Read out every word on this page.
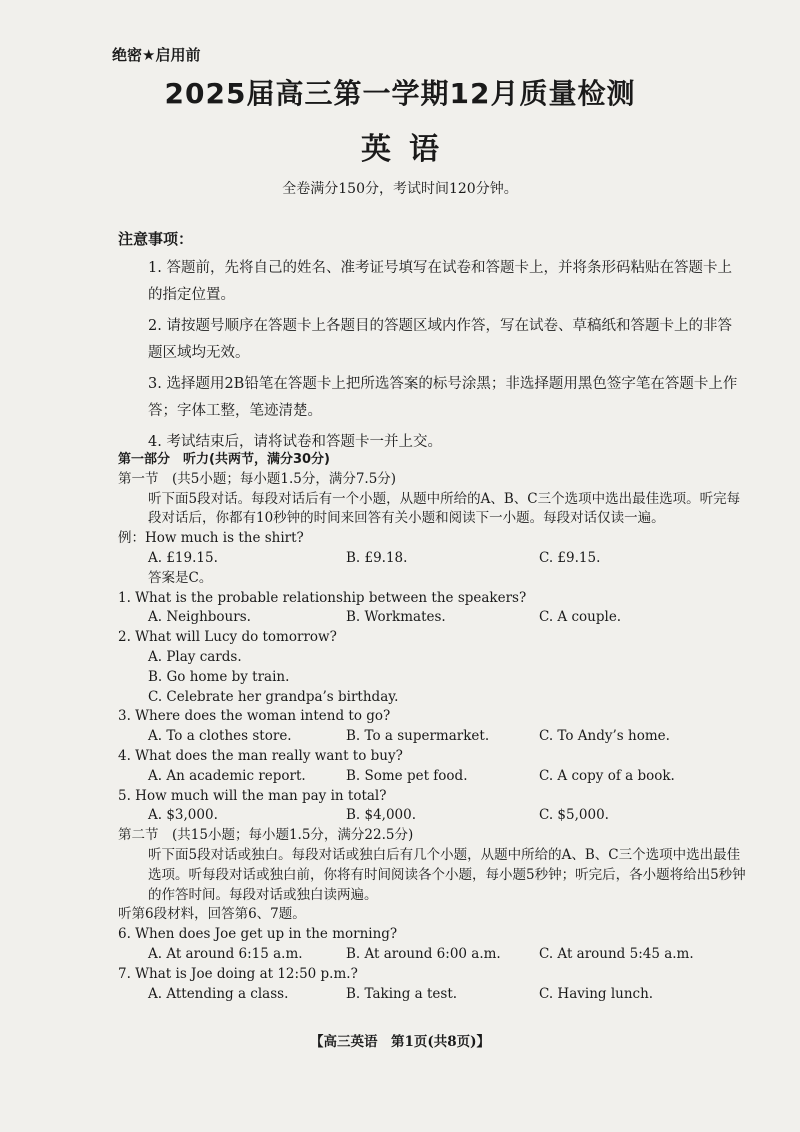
绝密★启用前
2025届高三第一学期12月质量检测
英语
全卷满分150分，考试时间120分钟。
注意事项：
1. 答题前，先将自己的姓名、准考证号填写在试卷和答题卡上，并将条形码粘贴在答题卡上的指定位置。
2. 请按题号顺序在答题卡上各题目的答题区域内作答，写在试卷、草稿纸和答题卡上的非答题区域均无效。
3. 选择题用2B铅笔在答题卡上把所选答案的标号涂黑；非选择题用黑色签字笔在答题卡上作答；字体工整，笔迹清楚。
4. 考试结束后，请将试卷和答题卡一并上交。
第一部分　听力(共两节，满分30分)
第一节　(共5小题；每小题1.5分，满分7.5分)
听下面5段对话。每段对话后有一个小题，从题中所给的A、B、C三个选项中选出最佳选项。听完每段对话后，你都有10秒钟的时间来回答有关小题和阅读下一小题。每段对话仅读一遍。
例：How much is the shirt?
A. £19.15.	B. £9.18.	C. £9.15.
答案是C。
1. What is the probable relationship between the speakers?
A. Neighbours.	B. Workmates.	C. A couple.
2. What will Lucy do tomorrow?
A. Play cards.
B. Go home by train.
C. Celebrate her grandpa’s birthday.
3. Where does the woman intend to go?
A. To a clothes store.	B. To a supermarket.	C. To Andy’s home.
4. What does the man really want to buy?
A. An academic report.	B. Some pet food.	C. A copy of a book.
5. How much will the man pay in total?
A. $3,000.	B. $4,000.	C. $5,000.
第二节　(共15小题；每小题1.5分，满分22.5分)
听下面5段对话或独白。每段对话或独白后有几个小题，从题中所给的A、B、C三个选项中选出最佳选项。听每段对话或独白前，你将有时间阅读各个小题，每小题5秒钟；听完后，各小题将给出5秒钟的作答时间。每段对话或独白读两遍。
听第6段材料，回答第6、7题。
6. When does Joe get up in the morning?
A. At around 6:15 a.m.	B. At around 6:00 a.m.	C. At around 5:45 a.m.
7. What is Joe doing at 12:50 p.m.?
A. Attending a class.	B. Taking a test.	C. Having lunch.
【高三英语　第1页(共8页)】
